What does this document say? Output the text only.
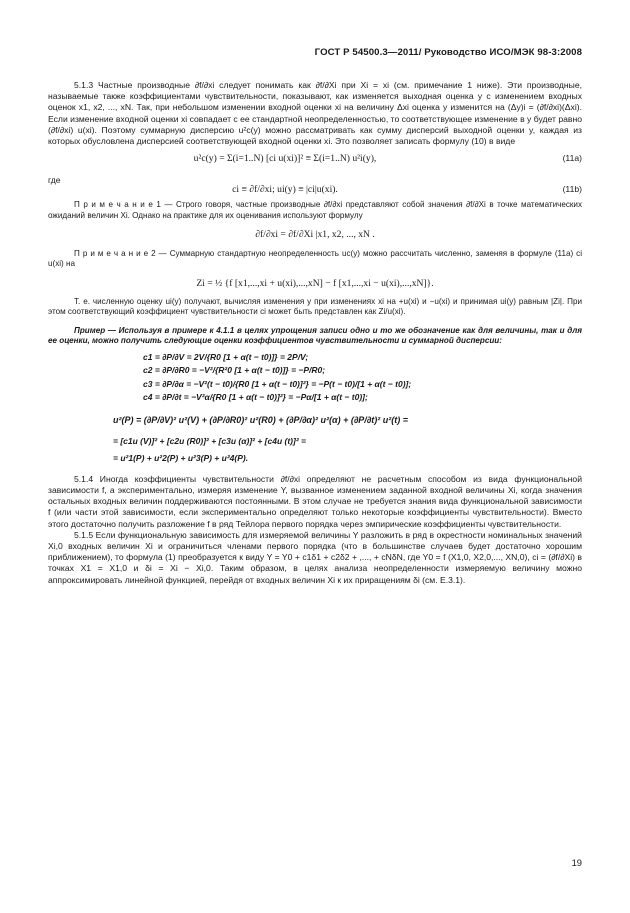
ГОСТ Р 54500.3—2011/ Руководство ИСО/МЭК 98-3:2008

5.1.3 Частные производные ∂f/∂xi следует понимать как ∂f/∂Xi при Xi = xi (см. примечание 1 ниже). Эти производные, называемые также коэффициентами чувствительности, показывают, как изменяется выходная оценка y с изменением входных оценок x1, x2, ..., xN. Так, при небольшом изменении входной оценки xi на величину Δxi оценка y изменится на (Δy)i = (∂f/∂xi)(Δxi). Если изменение входной оценки xi совпадает с ее стандартной неопределенностью, то соответствующее изменение в y будет равно (∂f/∂xi) u(xi). Поэтому суммарную дисперсию u²c(y) можно рассматривать как сумму дисперсий выходной оценки y, каждая из которых обусловлена дисперсией соответствующей входной оценки xi. Это позволяет записать формулу (10) в виде

u²c(y) = Σ(i=1..N) [ci u(xi)]² ≡ Σ(i=1..N) u²i(y),	(11a)

где

ci ≡ ∂f/∂xi; ui(y) ≡ |ci|u(xi).	(11b)

П р и м е ч а н и е 1 — Строго говоря, частные производные ∂f/∂xi представляют собой значения ∂f/∂Xi в точке математических ожиданий величин Xi. Однако на практике для их оценивания используют формулу

∂f/∂xi = ∂f/∂Xi |x1, x2, ..., xN .

П р и м е ч а н и е 2 — Суммарную стандартную неопределенность uc(y) можно рассчитать численно, заменяя в формуле (11a) ci u(xi) на

Zi = ½ {f [x1,...,xi + u(xi),...,xN] − f [x1,...,xi − u(xi),...,xN]}.

Т. е. численную оценку ui(y) получают, вычисляя изменения y при изменениях xi на +u(xi) и −u(xi) и принимая ui(y) равным |Zi|. При этом соответствующий коэффициент чувствительности ci может быть представлен как Zi/u(xi).

Пример — Используя в примере к 4.1.1 в целях упрощения записи одно и то же обозначение как для величины, так и для ее оценки, можно получить следующие оценки коэффициентов чувствительности и суммарной дисперсии:

c1 = ∂P/∂V = 2V/{R0 [1 + α(t − t0)]} = 2P/V;
c2 = ∂P/∂R0 = −V²/{R²0 [1 + α(t − t0)]} = −P/R0;
c3 = ∂P/∂α = −V²(t − t0)/{R0 [1 + α(t − t0)]²} = −P(t − t0)/[1 + α(t − t0)];
c4 = ∂P/∂t = −V²α/{R0 [1 + α(t − t0)]²} = −Pα/[1 + α(t − t0)];
u²(P) = (∂P/∂V)² u²(V) + (∂P/∂R0)² u²(R0) + (∂P/∂α)² u²(α) + (∂P/∂t)² u²(t) =
= [c1u (V)]² + [c2u (R0)]² + [c3u (α)]² + [c4u (t)]² =
= u²1(P) + u²2(P) + u²3(P) + u²4(P).

5.1.4 Иногда коэффициенты чувствительности ∂f/∂xi определяют не расчетным способом из вида функциональной зависимости f, а экспериментально, измеряя изменение Y, вызванное изменением заданной входной величины Xi, когда значения остальных входных величин поддерживаются постоянными. В этом случае не требуется знания вида функциональной зависимости f (или части этой зависимости, если экспериментально определяют только некоторые коэффициенты чувствительности). Вместо этого достаточно получить разложение f в ряд Тейлора первого порядка через эмпирические коэффициенты чувствительности.

5.1.5 Если функциональную зависимость для измеряемой величины Y разложить в ряд в окрестности номинальных значений Xi,0 входных величин Xi и ограничиться членами первого порядка (что в большинстве случаев будет достаточно хорошим приближением), то формула (1) преобразуется к виду Y = Y0 + c1δ1 + c2δ2 + ,..., + cNδN, где Y0 = f (X1,0, X2,0,..., XN,0), ci = (∂f/∂Xi) в точках X1 = X1,0 и δi = Xi − Xi,0. Таким образом, в целях анализа неопределенности измеряемую величину можно аппроксимировать линейной функцией, перейдя от входных величин Xi к их приращениям δi (см. Е.3.1).

19
